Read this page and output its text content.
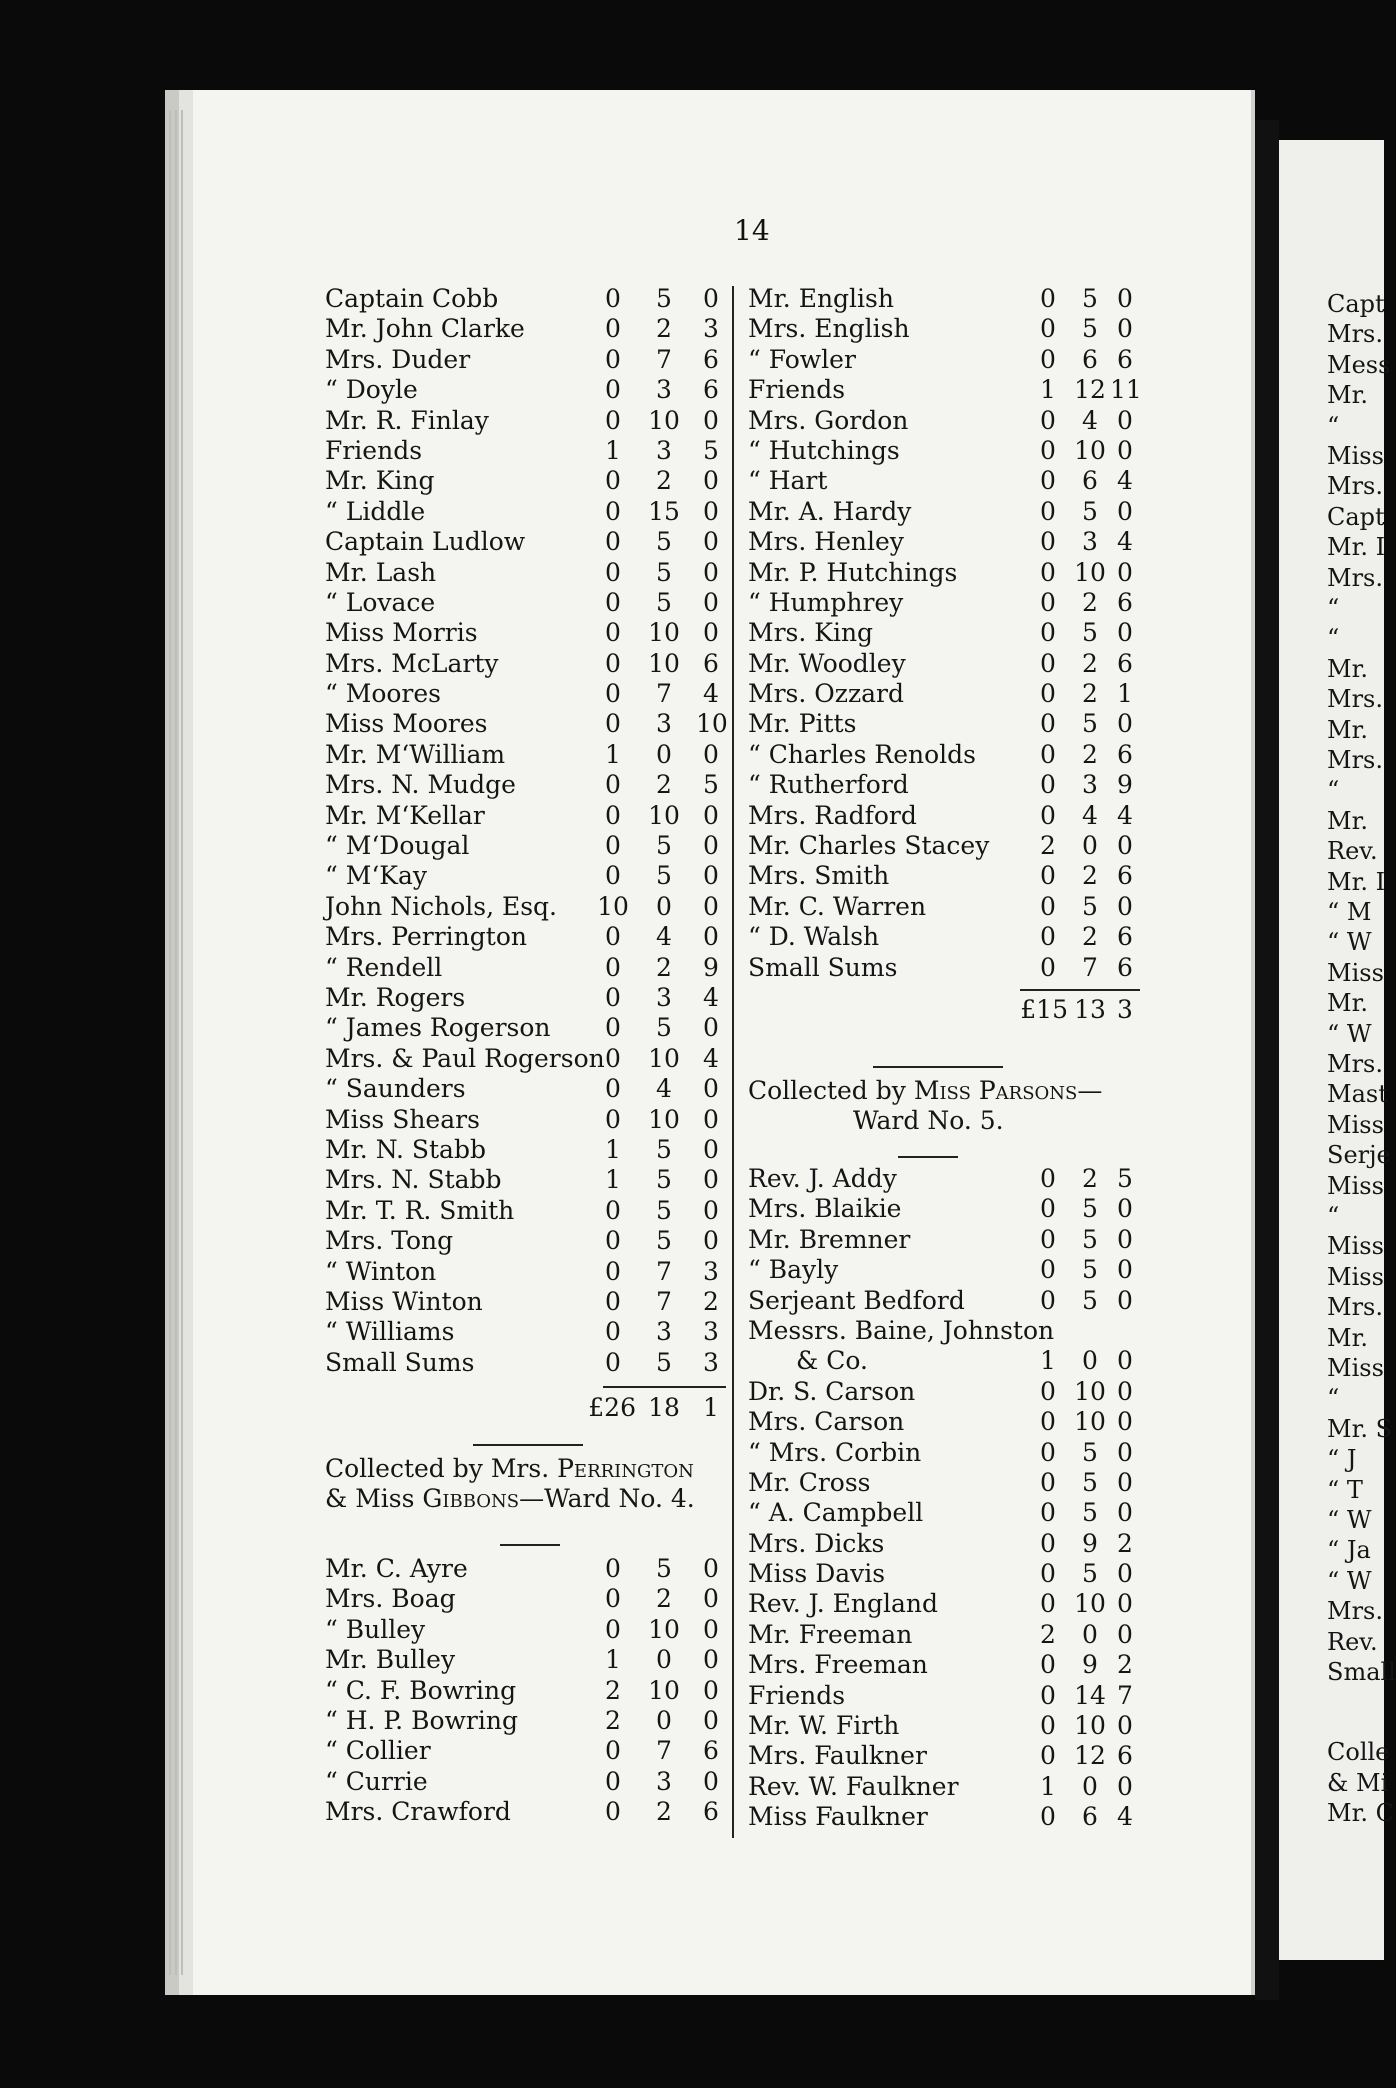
Capt
Mrs.
Mess
Mr.
“
Miss
Mrs.
Capt
Mr. I
Mrs.
“
“
Mr.
Mrs.
Mr.
Mrs.
“
Mr.
Rev.
Mr. I
“ M
“ W
Miss
Mr.
“ W
Mrs.
Mast
Miss
Serje
Miss
“
Miss
Miss
Mrs.
Mr.
Miss
“
Mr. S
“ J
“ T
“ W
“ Ja
“ W
Mrs.
Rev.
Small
Colle
& Mi
Mr. C
14
Captain Cobb	0	5	0
Mr. John Clarke	0	2	3
Mrs. Duder	0	7	6
“ Doyle	0	3	6
Mr. R. Finlay	0	10 0
Friends	1	3	5
Mr. King	0	2	0
“ Liddle	0	15 0
Captain Ludlow	0	5	0
Mr. Lash	0	5	0
“ Lovace	0	5	0
Miss Morris	0	10 0
Mrs. McLarty	0	10 6
“ Moores	0	7	4
Miss Moores	0	3 10
Mr. M‘William	1	0	0
Mrs. N. Mudge	0	2	5
Mr. M‘Kellar	0	10 0
“ M‘Dougal	0	5	0
“ M‘Kay	0	5	0
John Nichols, Esq. 10	0	0
Mrs. Perrington	0	4	0
“ Rendell	0	2	9
Mr. Rogers	0	3	4
“ James Rogerson	0	5	0
Mrs. & Paul Rogerson 0	10 4
“ Saunders	0	4	0
Miss Shears	0	10 0
Mr. N. Stabb	1	5	0
Mrs. N. Stabb	1	5	0
Mr. T. R. Smith	0	5	0
Mrs. Tong	0	5	0
“ Winton	0	7	3
Miss Winton	0	7	2
“ Williams	0	3	3
Small Sums	0	5	3
£26 18 1
Collected by Mrs. Perrington
& Miss Gibbons—Ward No. 4.
Mr. C. Ayre	0	5	0
Mrs. Boag	0	2	0
“ Bulley	0	10 0
Mr. Bulley	1	0	0
“ C. F. Bowring	2	10 0
“ H. P. Bowring	2	0	0
“ Collier	0	7	6
“ Currie	0	3	0
Mrs. Crawford	0	2	6
Mr. English	0	5 0
Mrs. English	0	5 0
“ Fowler	0	6 6
Friends	1 12 11
Mrs. Gordon	0	4 0
“ Hutchings	0 10 0
“ Hart	0	6 4
Mr. A. Hardy	0	5 0
Mrs. Henley	0	3 4
Mr. P. Hutchings	0 10 0
“ Humphrey	0	2 6
Mrs. King	0	5 0
Mr. Woodley	0	2 6
Mrs. Ozzard	0	2 1
Mr. Pitts	0	5 0
“ Charles Renolds	0	2 6
“ Rutherford	0	3 9
Mrs. Radford	0	4 4
Mr. Charles Stacey	2	0 0
Mrs. Smith	0	2 6
Mr. C. Warren	0	5 0
“ D. Walsh	0	2 6
Small Sums	0	7 6
£15 13 3
Collected by Miss Parsons—
Ward No. 5.
Rev. J. Addy	0	2 5
Mrs. Blaikie	0	5 0
Mr. Bremner	0	5 0
“ Bayly	0	5 0
Serjeant Bedford	0	5 0
Messrs. Baine, Johnston
& Co.	1	0 0
Dr. S. Carson	0 10 0
Mrs. Carson	0 10 0
“ Mrs. Corbin	0	5 0
Mr. Cross	0	5 0
“ A. Campbell	0	5 0
Mrs. Dicks	0	9 2
Miss Davis	0	5 0
Rev. J. England	0 10 0
Mr. Freeman	2	0 0
Mrs. Freeman	0	9 2
Friends	0 14 7
Mr. W. Firth	0 10 0
Mrs. Faulkner	0 12 6
Rev. W. Faulkner	1	0 0
Miss Faulkner	0	6 4
